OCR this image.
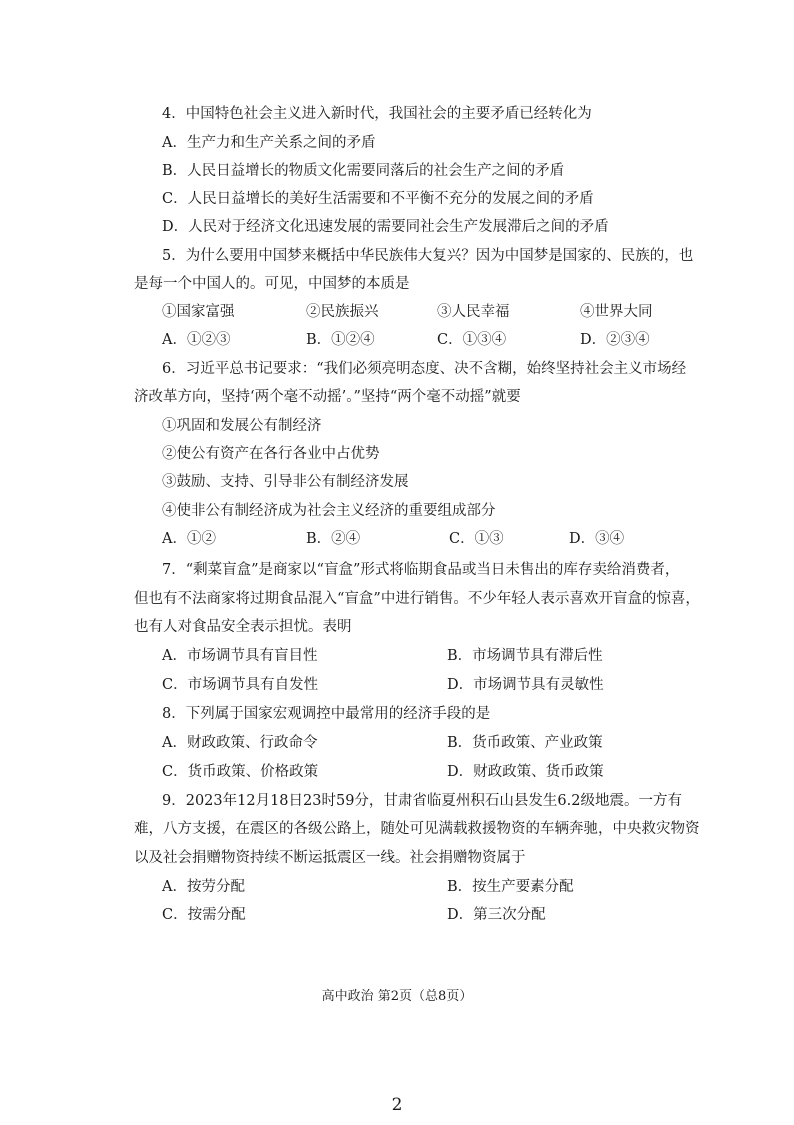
4．中国特色社会主义进入新时代，我国社会的主要矛盾已经转化为
A．生产力和生产关系之间的矛盾
B．人民日益增长的物质文化需要同落后的社会生产之间的矛盾
C．人民日益增长的美好生活需要和不平衡不充分的发展之间的矛盾
D．人民对于经济文化迅速发展的需要同社会生产发展滞后之间的矛盾
5．为什么要用中国梦来概括中华民族伟大复兴？因为中国梦是国家的、民族的，也
是每一个中国人的。可见，中国梦的本质是
①国家富强	②民族振兴	③人民幸福	④世界大同
A．①②③	B．①②④	C．①③④	D．②③④
6．习近平总书记要求：“我们必须亮明态度、决不含糊，始终坚持社会主义市场经
济改革方向，坚持‘两个毫不动摇’。”坚持“两个毫不动摇”就要
①巩固和发展公有制经济
②使公有资产在各行各业中占优势
③鼓励、支持、引导非公有制经济发展
④使非公有制经济成为社会主义经济的重要组成部分
A．①②	B．②④	C．①③	D．③④
7．“剩菜盲盒”是商家以“盲盒”形式将临期食品或当日未售出的库存卖给消费者，
但也有不法商家将过期食品混入“盲盒”中进行销售。不少年轻人表示喜欢开盲盒的惊喜，
也有人对食品安全表示担忧。表明
A．市场调节具有盲目性	B．市场调节具有滞后性
C．市场调节具有自发性	D．市场调节具有灵敏性
8．下列属于国家宏观调控中最常用的经济手段的是
A．财政政策、行政命令	B．货币政策、产业政策
C．货币政策、价格政策	D．财政政策、货币政策
9．2023年12月18日23时59分，甘肃省临夏州积石山县发生6.2级地震。一方有
难，八方支援，在震区的各级公路上，随处可见满载救援物资的车辆奔驰，中央救灾物资
以及社会捐赠物资持续不断运抵震区一线。社会捐赠物资属于
A．按劳分配	B．按生产要素分配
C．按需分配	D．第三次分配
高中政治 第2页（总8页）
2
